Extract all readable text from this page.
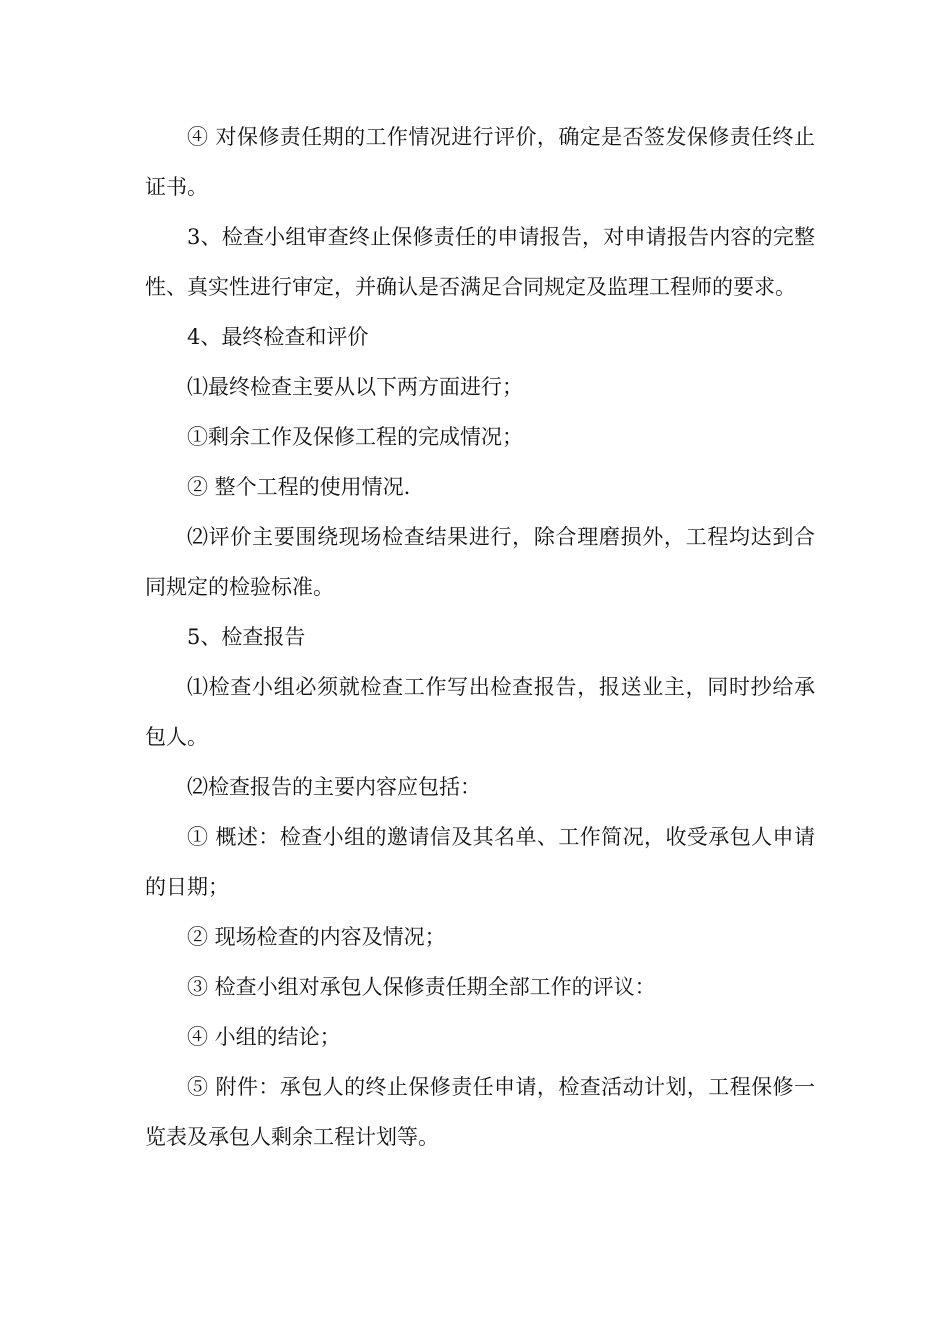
④ 对保修责任期的工作情况进行评价，确定是否签发保修责任终止证书。

3、检查小组审查终止保修责任的申请报告，对申请报告内容的完整性、真实性进行审定，并确认是否满足合同规定及监理工程师的要求。

4、最终检查和评价

⑴最终检查主要从以下两方面进行；

①剩余工作及保修工程的完成情况；

② 整个工程的使用情况.

⑵评价主要围绕现场检查结果进行，除合理磨损外，工程均达到合同规定的检验标准。

5、检查报告

⑴检查小组必须就检查工作写出检查报告，报送业主，同时抄给承包人。

⑵检查报告的主要内容应包括：

① 概述：检查小组的邀请信及其名单、工作简况，收受承包人申请的日期；

② 现场检查的内容及情况；

③ 检查小组对承包人保修责任期全部工作的评议：

④ 小组的结论；

⑤ 附件：承包人的终止保修责任申请，检查活动计划，工程保修一览表及承包人剩余工程计划等。
